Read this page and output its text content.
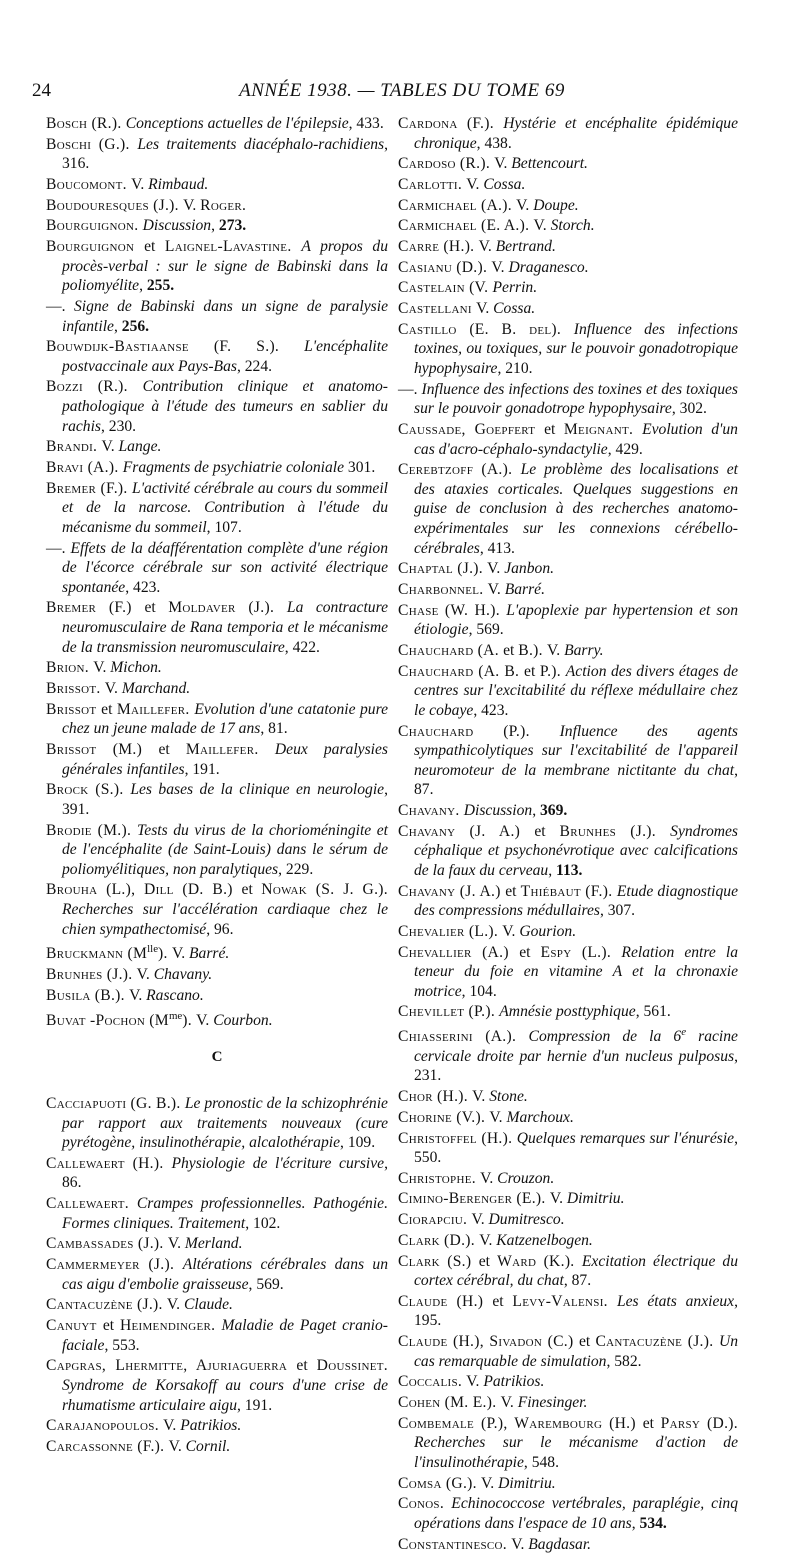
24	ANNÉE 1938. — TABLES DU TOME 69

Bosch (R.). Conceptions actuelles de l'épilepsie, 433.

Boschi (G.). Les traitements diacéphalo-rachidiens, 316.

Boucomont. V. Rimbaud.

Boudouresques (J.). V. Roger.

Bourguignon. Discussion, 273.

Bourguignon et Laignel-Lavastine. A propos du procès-verbal : sur le signe de Babinski dans la poliomyélite, 255.

—. Signe de Babinski dans un signe de paralysie infantile, 256.

Bouwdijk-Bastiaanse (F. S.). L'encéphalite postvaccinale aux Pays-Bas, 224.

Bozzi (R.). Contribution clinique et anatomo-pathologique à l'étude des tumeurs en sablier du rachis, 230.

Brandi. V. Lange.

Bravi (A.). Fragments de psychiatrie coloniale 301.

Bremer (F.). L'activité cérébrale au cours du sommeil et de la narcose. Contribution à l'étude du mécanisme du sommeil, 107.

—. Effets de la déafférentation complète d'une région de l'écorce cérébrale sur son activité électrique spontanée, 423.

Bremer (F.) et Moldaver (J.). La contracture neuromusculaire de Rana temporia et le mécanisme de la transmission neuromusculaire, 422.

Brion. V. Michon.

Brissot. V. Marchand.

Brissot et Maillefer. Evolution d'une catatonie pure chez un jeune malade de 17 ans, 81.

Brissot (M.) et Maillefer. Deux paralysies générales infantiles, 191.

Brock (S.). Les bases de la clinique en neurologie, 391.

Brodie (M.). Tests du virus de la chorioméningite et de l'encéphalite (de Saint-Louis) dans le sérum de poliomyélitiques, non paralytiques, 229.

Brouha (L.), Dill (D. B.) et Nowak (S. J. G.). Recherches sur l'accélération cardiaque chez le chien sympathectomisé, 96.

Bruckmann $(M^{lle})$. V. Barré.

Brunhes (J.). V. Chavany.

Busila (B.). V. Rascano.

Buvat -Pochon $(M^{me})$. V. Courbon.

C

Cacciapuoti (G. B.). Le pronostic de la schizophrénie par rapport aux traitements nouveaux (cure pyrétogène, insulinothérapie, alcalothérapie, 109.

Callewaert (H.). Physiologie de l'écriture cursive, 86.

Callewaert. Crampes professionnelles. Pathogénie. Formes cliniques. Traitement, 102.

Cambassades (J.). V. Merland.

Cammermeyer (J.). Altérations cérébrales dans un cas aigu d'embolie graisseuse, 569.

Cantacuzène (J.). V. Claude.

Canuyt et Heimendinger. Maladie de Paget cranio-faciale, 553.

Capgras, Lhermitte, Ajuriaguerra et Doussinet. Syndrome de Korsakoff au cours d'une crise de rhumatisme articulaire aigu, 191.

Carajanopoulos. V. Patrikios.

Carcassonne (F.). V. Cornil.

Cardona (F.). Hystérie et encéphalite épidémique chronique, 438.

Cardoso (R.). V. Bettencourt.

Carlotti. V. Cossa.

Carmichael (A.). V. Doupe.

Carmichael (E. A.). V. Storch.

Carre (H.). V. Bertrand.

Casianu (D.). V. Draganesco.

Castelain (V. Perrin.

Castellani V. Cossa.

Castillo (E. B. del). Influence des infections toxines, ou toxiques, sur le pouvoir gonadotropique hypophysaire, 210.

—. Influence des infections des toxines et des toxiques sur le pouvoir gonadotrope hypophysaire, 302.

Caussade, Goepfert et Meignant. Evolution d'un cas d'acro-céphalo-syndactylie, 429.

Cerebtzoff (A.). Le problème des localisations et des ataxies corticales. Quelques suggestions en guise de conclusion à des recherches anatomo-expérimentales sur les connexions cérébello-cérébrales, 413.

Chaptal (J.). V. Janbon.

Charbonnel. V. Barré.

Chase (W. H.). L'apoplexie par hypertension et son étiologie, 569.

Chauchard (A. et B.). V. Barry.

Chauchard (A. B. et P.). Action des divers étages de centres sur l'excitabilité du réflexe médullaire chez le cobaye, 423.

Chauchard (P.). Influence des agents sympathicolytiques sur l'excitabilité de l'appareil neuromoteur de la membrane nictitante du chat, 87.

Chavany. Discussion, 369.

Chavany (J. A.) et Brunhes (J.). Syndromes céphalique et psychonévrotique avec calcifications de la faux du cerveau, 113.

Chavany (J. A.) et Thiébaut (F.). Etude diagnostique des compressions médullaires, 307.

Chevalier (L.). V. Gourion.

Chevallier (A.) et Espy (L.). Relation entre la teneur du foie en vitamine A et la chronaxie motrice, 104.

Chevillet (P.). Amnésie posttyphique, 561.

Chiasserini (A.). Compression de la 6e racine cervicale droite par hernie d'un nucleus pulposus, 231.

Chor (H.). V. Stone.

Chorine (V.). V. Marchoux.

Christoffel (H.). Quelques remarques sur l'énurésie, 550.

Christophe. V. Crouzon.

Cimino-Berenger (E.). V. Dimitriu.

Ciorapciu. V. Dumitresco.

Clark (D.). V. Katzenelbogen.

Clark (S.) et Ward (K.). Excitation électrique du cortex cérébral, du chat, 87.

Claude (H.) et Levy-Valensi. Les états anxieux, 195.

Claude (H.), Sivadon (C.) et Cantacuzène (J.). Un cas remarquable de simulation, 582.

Coccalis. V. Patrikios.

Cohen (M. E.). V. Finesinger.

Combemale (P.), Warembourg (H.) et Parsy (D.). Recherches sur le mécanisme d'action de l'insulinothérapie, 548.

Comsa (G.). V. Dimitriu.

Conos. Echinococcose vertébrales, paraplégie, cinq opérations dans l'espace de 10 ans, 534.

Constantinesco. V. Bagdasar.
